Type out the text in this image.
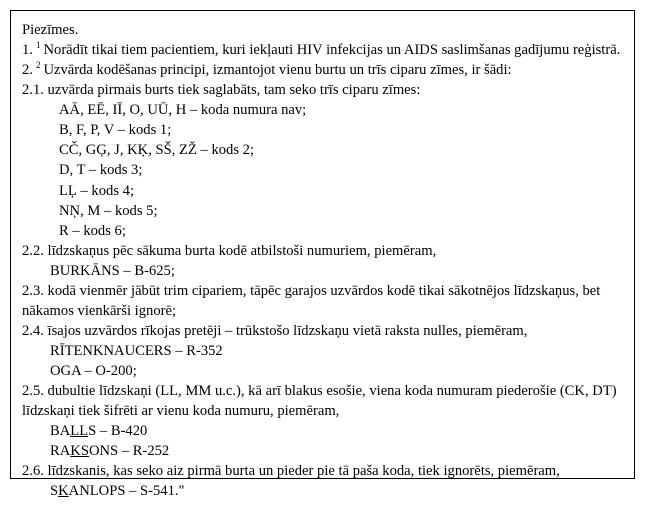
Piezīmes.
1. $^1$ Norādīt tikai tiem pacientiem, kuri iekļauti HIV infekcijas un AIDS saslimšanas gadījumu reģistrā.
2. $^2$ Uzvārda kodēšanas principi, izmantojot vienu burtu un trīs ciparu zīmes, ir šādi:
2.1. uzvārda pirmais burts tiek saglabāts, tam seko trīs ciparu zīmes:
AĀ, EĒ, IĪ, O, UŪ, H – koda numura nav;
B, F, P, V – kods 1;
CČ, GĢ, J, KĶ, SŠ, ZŽ – kods 2;
D, T – kods 3;
LĻ – kods 4;
NŅ, M – kods 5;
R – kods 6;
2.2. līdzskaņus pēc sākuma burta kodē atbilstoši numuriem, piemēram,
BURKĀNS – B-625;
2.3. kodā vienmēr jābūt trim cipariem, tāpēc garajos uzvārdos kodē tikai sākotnējos līdzskaņus, bet nākamos vienkārši ignorē;
2.4. īsajos uzvārdos rīkojas pretēji – trūkstošo līdzskaņu vietā raksta nulles, piemēram,
RĪTENKNAUCERS – R-352
OGA – O-200;
2.5. dubultie līdzskaņi (LL, MM u.c.), kā arī blakus esošie, viena koda numuram piederošie (CK, DT) līdzskaņi tiek šifrēti ar vienu koda numuru, piemēram,
BALLS – B-420
RAKSONS – R-252
2.6. līdzskanis, kas seko aiz pirmā burta un pieder pie tā paša koda, tiek ignorēts, piemēram,
SKANLOPS – S-541."
